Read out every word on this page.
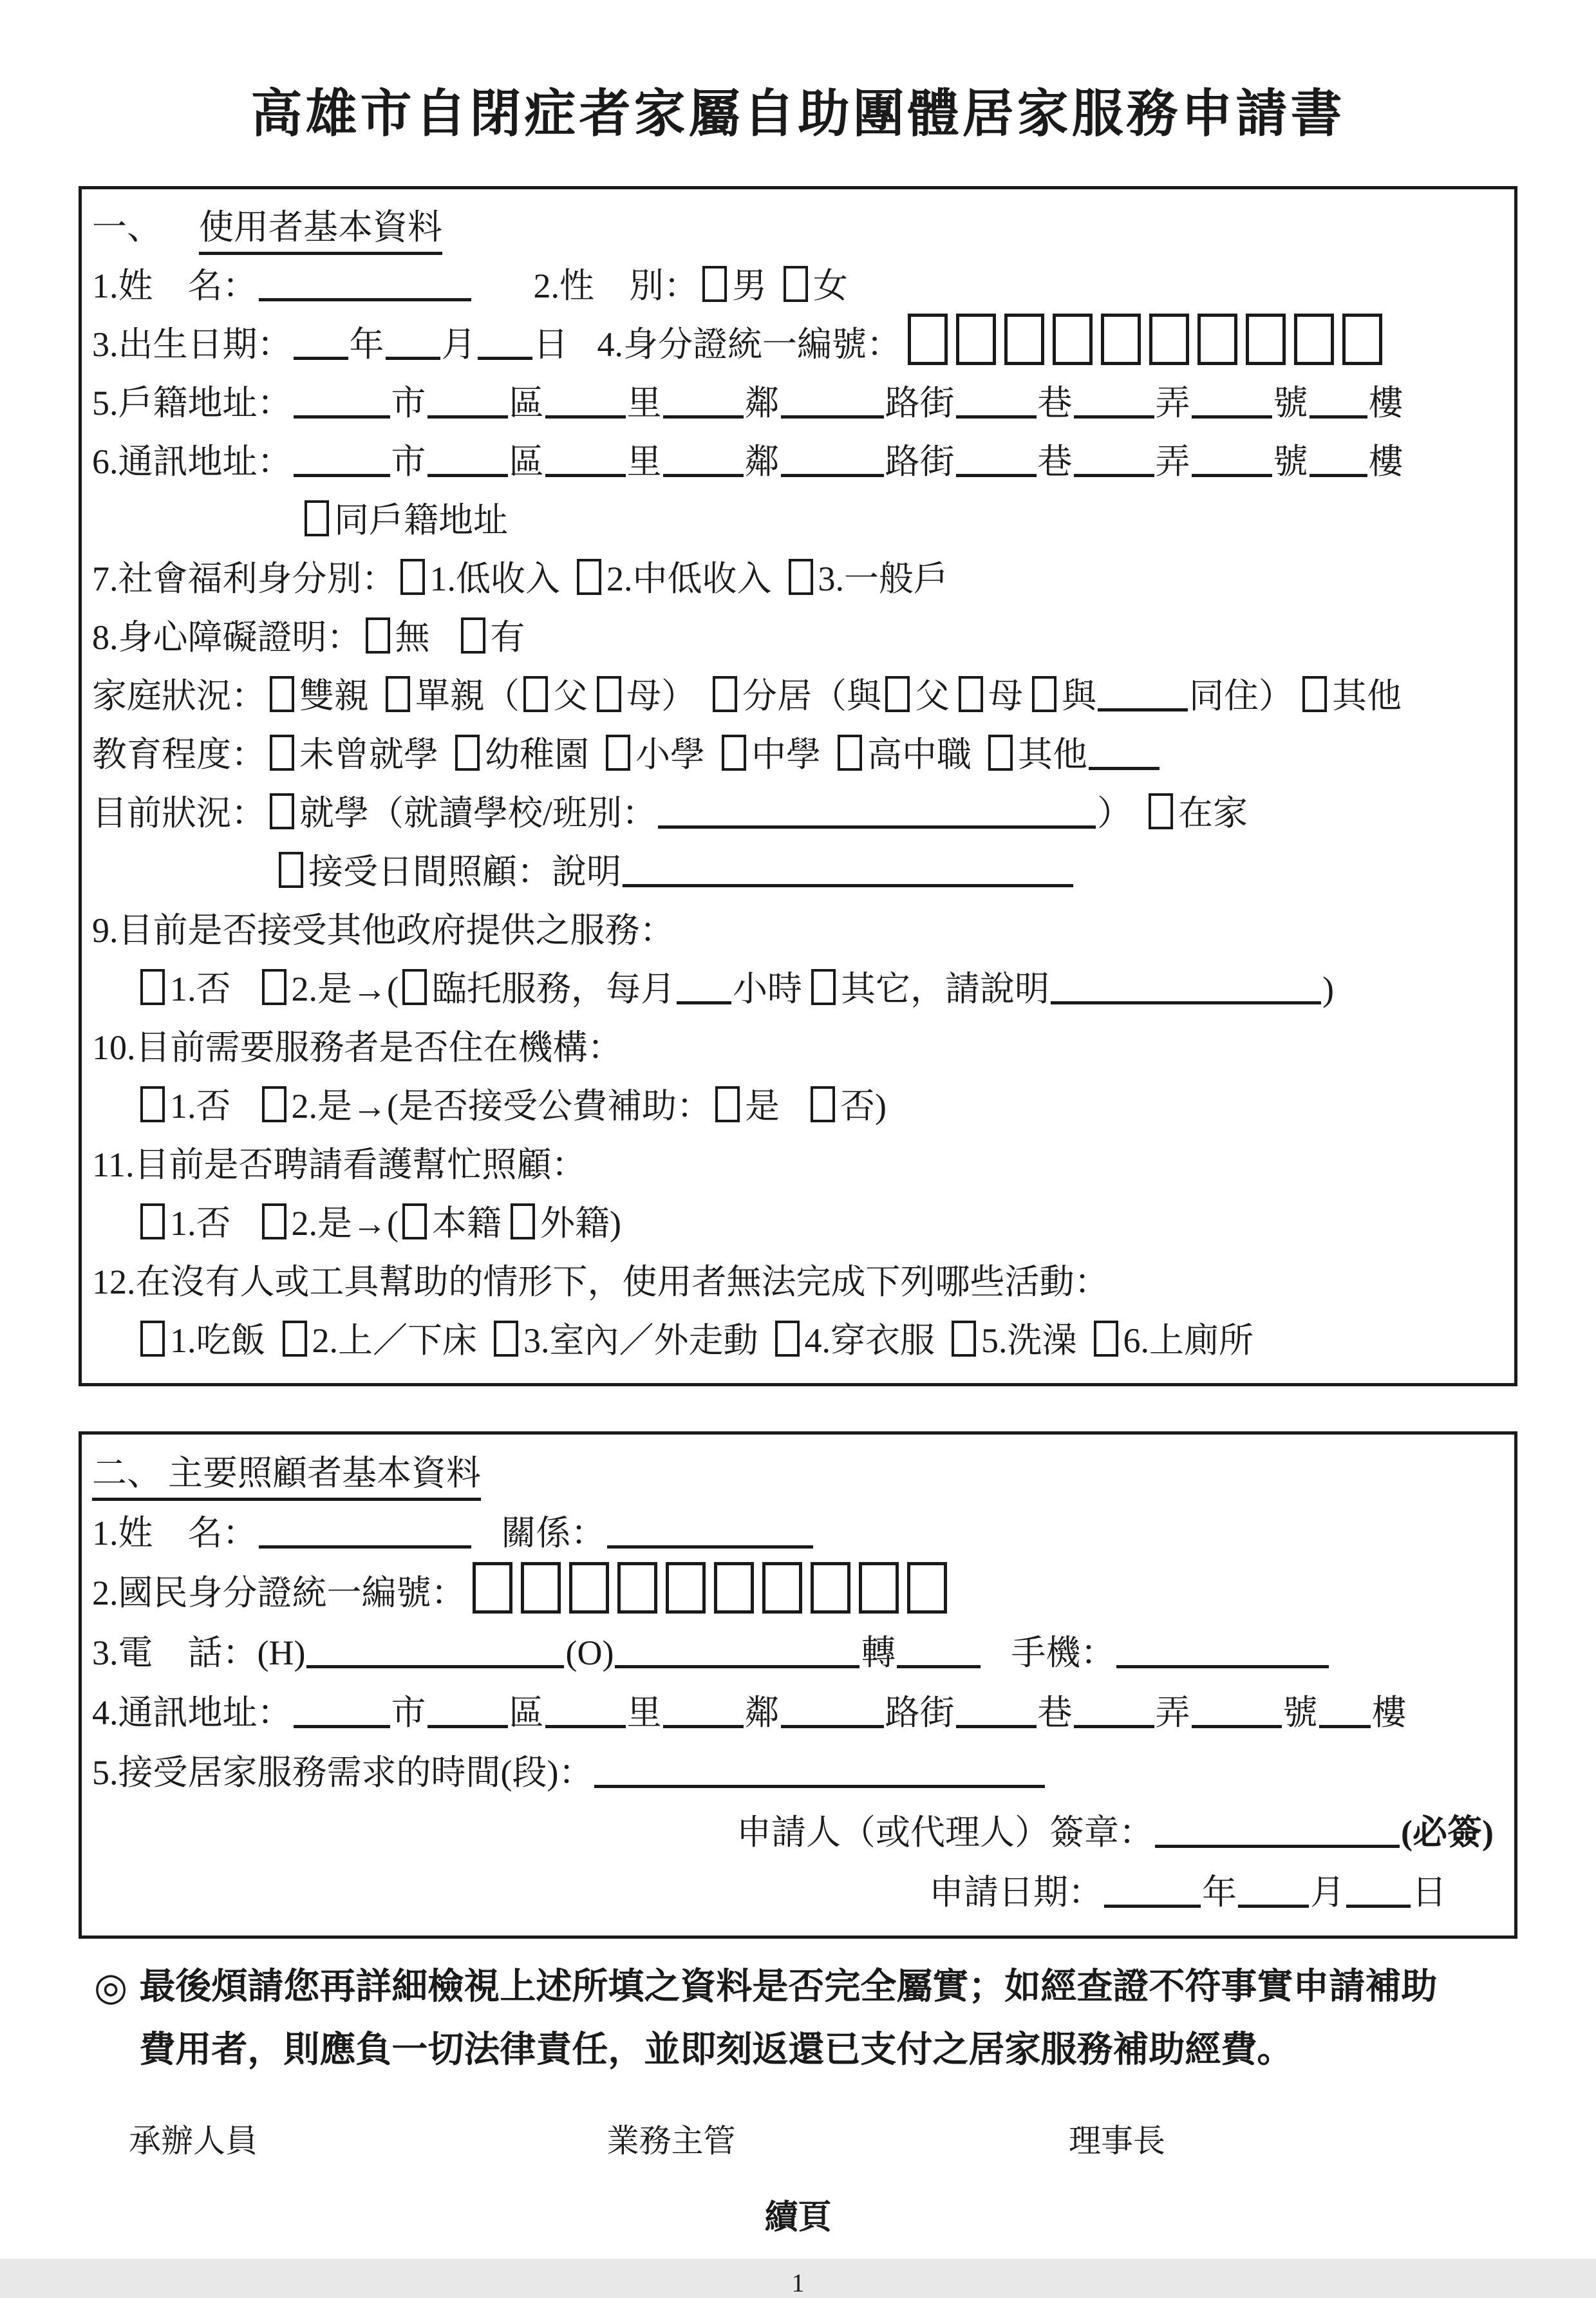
高雄市自閉症者家屬自助團體居家服務申請書
一、 使用者基本資料
1.姓　名：	2.性　別： 男 女
3.出生日期： 年 月 日 4.身分證統一編號：
5.戶籍地址：	市 區 里 鄰	路街 巷 弄 號 樓
6.通訊地址：	市 區 里 鄰	路街 巷 弄 號 樓
同戶籍地址
7.社會福利身分別： 1.低收入 2.中低收入 3.一般戶
8.身心障礙證明： 無 有
家庭狀況： 雙親 單親（ 父 母） 分居（與 父 母 與	同住） 其他
教育程度： 未曾就學 幼稚園 小學 中學 高中職 其他
目前狀況： 就學（就讀學校/班別：	） 在家
接受日間照顧：說明
9.目前是否接受其他政府提供之服務：
1.否 2.是→( 臨托服務，每月 小時 其它，請說明	)
10.目前需要服務者是否住在機構：
1.否 2.是→(是否接受公費補助： 是 否)
11.目前是否聘請看護幫忙照顧：
1.否 2.是→( 本籍 外籍)
12.在沒有人或工具幫助的情形下，使用者無法完成下列哪些活動：
1.吃飯 2.上／下床 3.室內／外走動 4.穿衣服 5.洗澡 6.上廁所
二、 主要照顧者基本資料
1.姓　名：	關係：
2.國民身分證統一編號：
3.電　話：(H)	(O)	轉	手機：
4.通訊地址：	市 區 里 鄰	路街 巷 弄	號 樓
5.接受居家服務需求的時間(段)：
申請人（或代理人）簽章：	(必簽)
申請日期：	年 月 日
◎ 最後煩請您再詳細檢視上述所填之資料是否完全屬實；如經查證不符事實申請補助
費用者，則應負一切法律責任，並即刻返還已支付之居家服務補助經費。
承辦人員	業務主管	理事長
續頁
1
